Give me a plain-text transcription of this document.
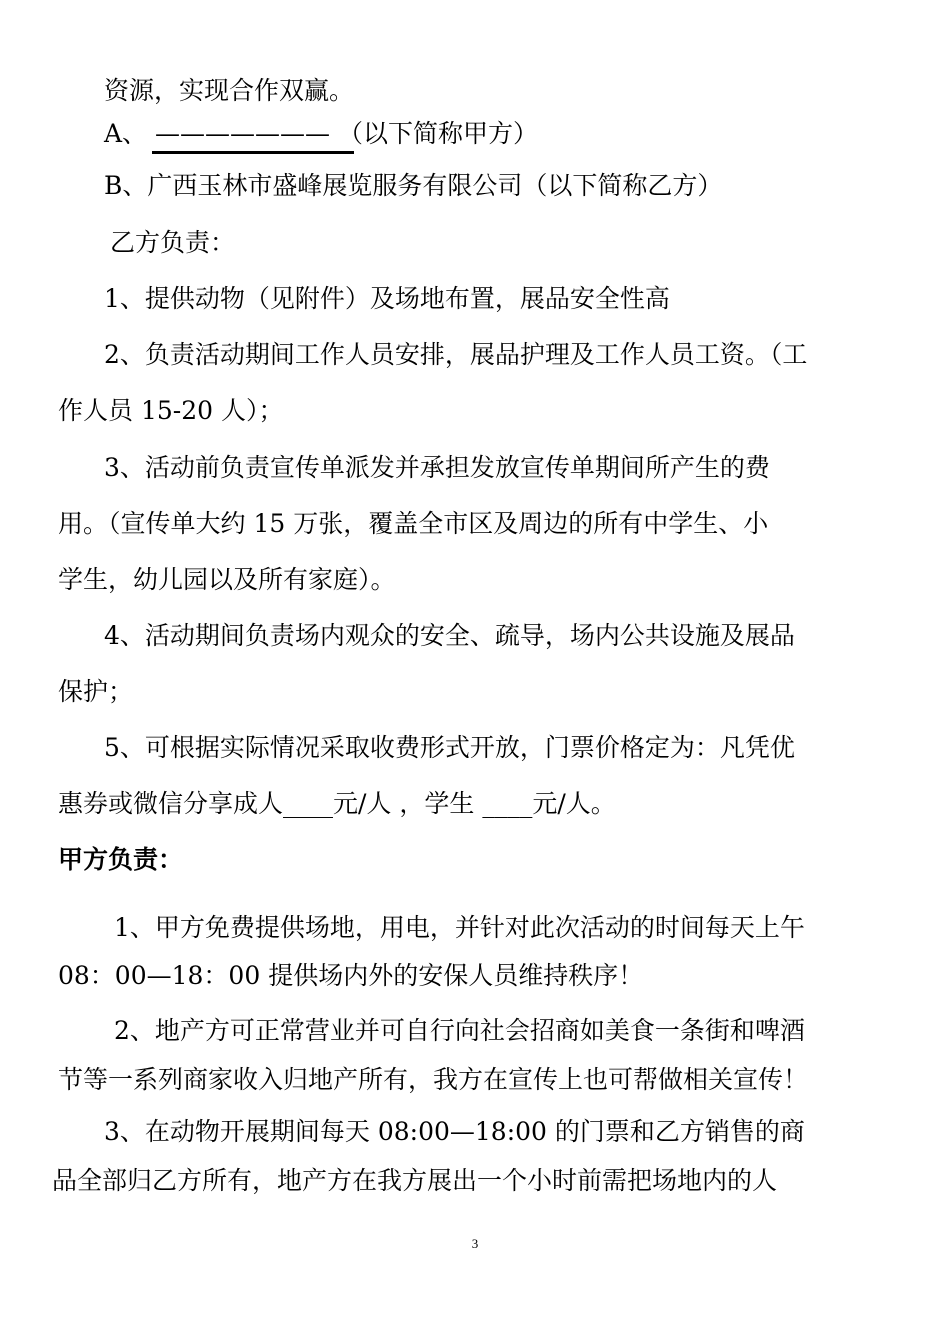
资源，实现合作双赢。
A、 ——————— （以下简称甲方）
B、广西玉林市盛峰展览服务有限公司（以下简称乙方）
乙方负责：
1、提供动物（见附件）及场地布置，展品安全性高
2、负责活动期间工作人员安排，展品护理及工作人员工资。（工
作人员 15-20 人）；
3、活动前负责宣传单派发并承担发放宣传单期间所产生的费
用。（宣传单大约 15 万张，覆盖全市区及周边的所有中学生、小
学生，幼儿园以及所有家庭）。
4、活动期间负责场内观众的安全、疏导，场内公共设施及展品
保护；
5、可根据实际情况采取收费形式开放，门票价格定为：凡凭优
惠券或微信分享成人____元/人 ，学生 ____元/人。
甲方负责：
1、甲方免费提供场地，用电，并针对此次活动的时间每天上午
08：00—18：00 提供场内外的安保人员维持秩序！
2、地产方可正常营业并可自行向社会招商如美食一条街和啤酒
节等一系列商家收入归地产所有，我方在宣传上也可帮做相关宣传！
3、在动物开展期间每天 08:00—18:00 的门票和乙方销售的商
品全部归乙方所有，地产方在我方展出一个小时前需把场地内的人
3
